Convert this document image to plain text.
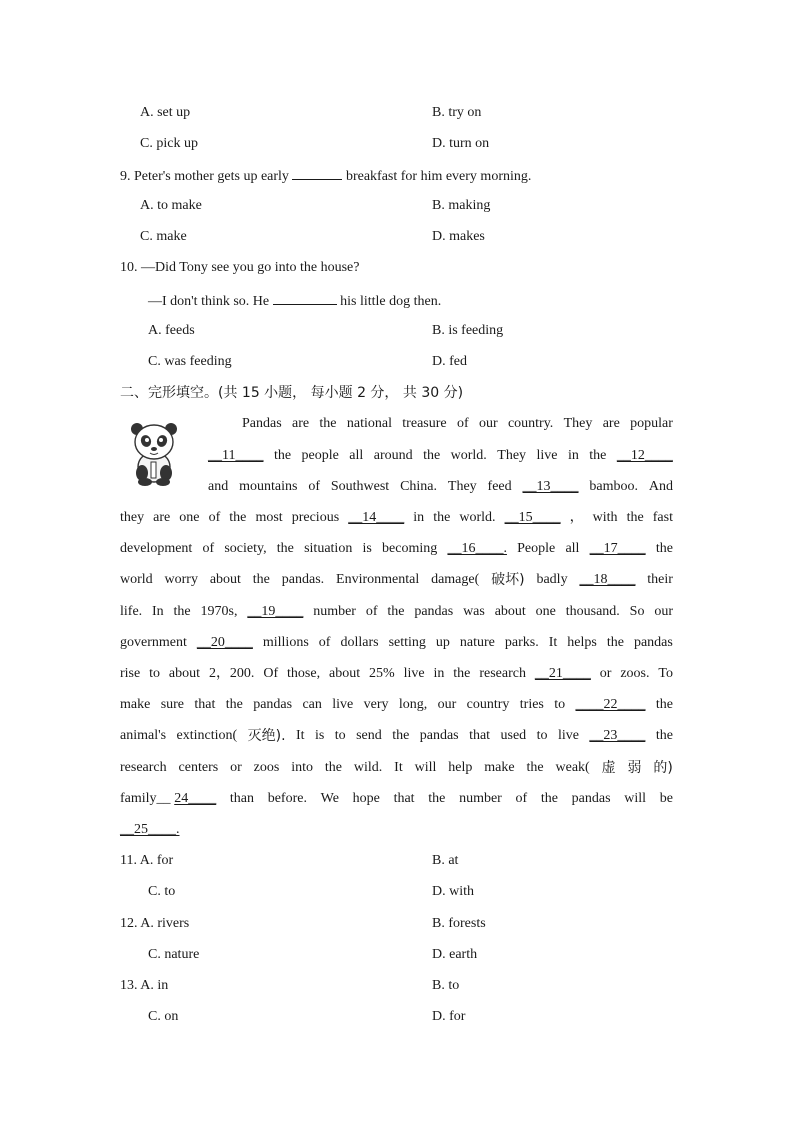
A. set up	B. try on
C. pick up	D. turn on
9. Peter's mother gets up early	breakfast for him every morning.
A. to make	B. making
C. make	D. makes
10. —Did Tony see you go into the house?
—I don't think so. He	his little dog then.
A. feeds	B. is feeding
C. was feeding	D. fed
二、完形填空。(共 15 小题， 每小题 2 分， 共 30 分)
Pandas are the national treasure of our country. They are popular
__11____ the people all around the world. They live in the __12____
and mountains of Southwest China. They feed __13____ bamboo. And
they are one of the most precious __14____ in the world. __15____ ， with the fast
development of society, the situation is becoming __16____. People all __17____ the
world worry about the pandas. Environmental damage( 破坏) badly __18____ their
life. In the 1970s, __19____ number of the pandas was about one thousand. So our
government __20____ millions of dollars setting up nature parks. It helps the pandas
rise to about 2，200. Of those, about 25% live in the research __21____ or zoos. To
make sure that the pandas can live very long, our country tries to ____22____ the
animal's extinction( 灭绝). It is to send the pandas that used to live __23____ the
research centers or zoos into the wild. It will help make the weak( 虚 弱 的)
family__ 24____ than before. We hope that the number of the pandas will be
__25____.
11. A. for	B. at
C. to	D. with
12. A. rivers	B. forests
C. nature	D. earth
13. A. in	B. to
C. on	D. for
